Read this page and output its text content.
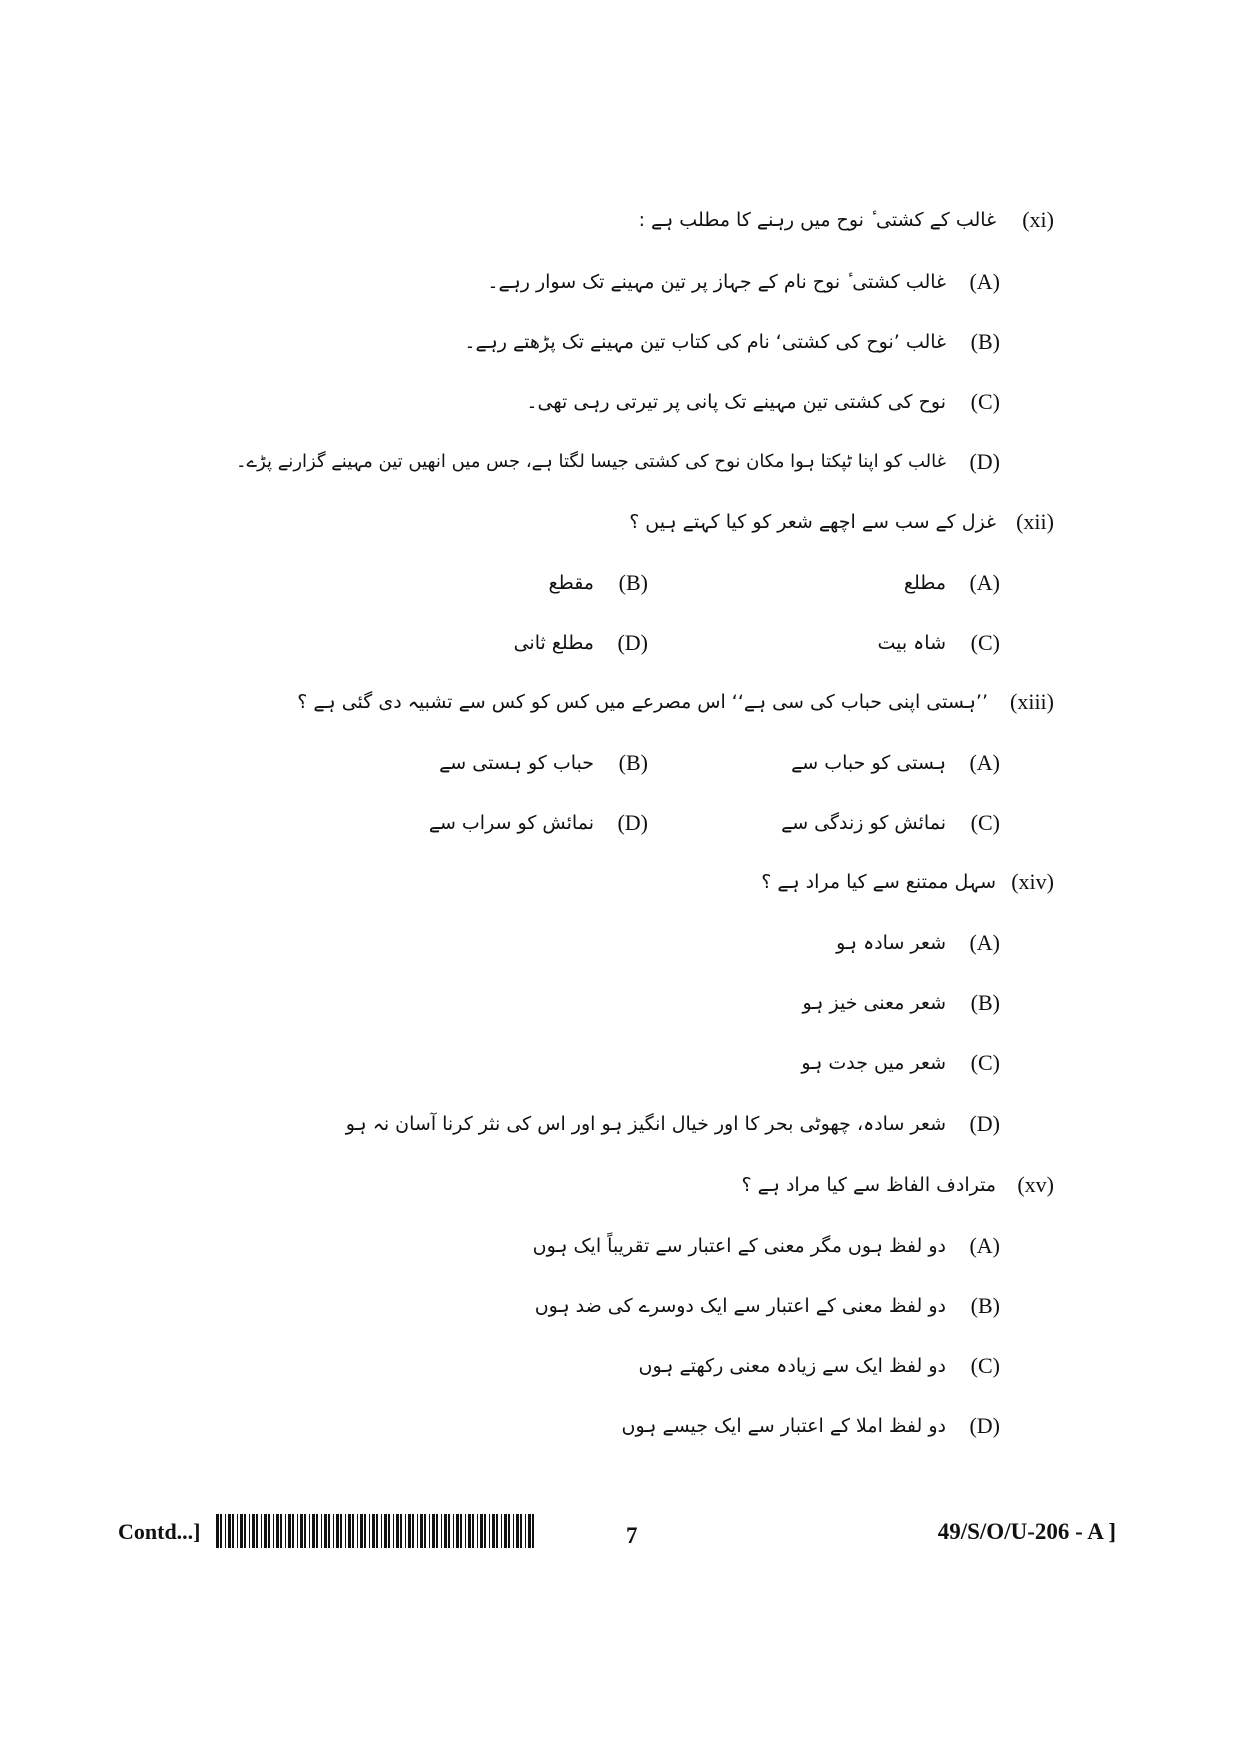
(xi)
غالب کے کشتی ٔ نوح میں رہنے کا مطلب ہے :
(A)
غالب کشتی ٔ نوح نام کے جہاز پر تین مہینے تک سوار رہے۔
(B)
غالب ’نوح کی کشتی‘ نام کی کتاب تین مہینے تک پڑھتے رہے۔
(C)
نوح کی کشتی تین مہینے تک پانی پر تیرتی رہی تھی۔
(D)
غالب کو اپنا ٹپکتا ہوا مکان نوح کی کشتی جیسا لگتا ہے، جس میں انھیں تین مہینے گزارنے پڑے۔
(xii)
غزل کے سب سے اچھے شعر کو کیا کہتے ہیں ؟
(A)
مطلع
(B)
مقطع
(C)
شاہ بیت
(D)
مطلع ثانی
(xiii)
’’ہستی اپنی حباب کی سی ہے‘‘ اس مصرعے میں کس کو کس سے تشبیہ دی گئی ہے ؟
(A)
ہستی کو حباب سے
(B)
حباب کو ہستی سے
(C)
نمائش کو زندگی سے
(D)
نمائش کو سراب سے
(xiv)
سہل ممتنع سے کیا مراد ہے ؟
(A)
شعر سادہ ہو
(B)
شعر معنی خیز ہو
(C)
شعر میں جدت ہو
(D)
شعر سادہ، چھوٹی بحر کا اور خیال انگیز ہو اور اس کی نثر کرنا آسان نہ ہو
(xv)
مترادف الفاظ سے کیا مراد ہے ؟
(A)
دو لفظ ہوں مگر معنی کے اعتبار سے تقریباً ایک ہوں
(B)
دو لفظ معنی کے اعتبار سے ایک دوسرے کی ضد ہوں
(C)
دو لفظ ایک سے زیادہ معنی رکھتے ہوں
(D)
دو لفظ املا کے اعتبار سے ایک جیسے ہوں
Contd...]	7	49/S/O/U-206 - A ]
